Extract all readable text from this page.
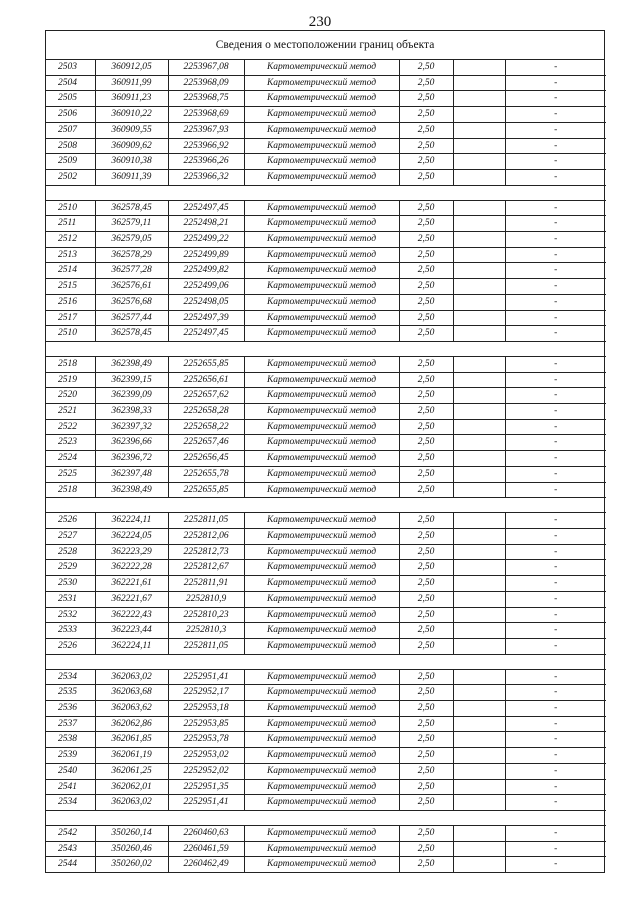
230
Сведения о местоположении границ объекта
2503	360912,05	2253967,08	Картометрический метод	2,50		-
2504	360911,99	2253968,09	Картометрический метод	2,50		-
2505	360911,23	2253968,75	Картометрический метод	2,50		-
2506	360910,22	2253968,69	Картометрический метод	2,50		-
2507	360909,55	2253967,93	Картометрический метод	2,50		-
2508	360909,62	2253966,92	Картометрический метод	2,50		-
2509	360910,38	2253966,26	Картометрический метод	2,50		-
2502	360911,39	2253966,32	Картометрический метод	2,50		-

2510	362578,45	2252497,45	Картометрический метод	2,50		-
2511	362579,11	2252498,21	Картометрический метод	2,50		-
2512	362579,05	2252499,22	Картометрический метод	2,50		-
2513	362578,29	2252499,89	Картометрический метод	2,50		-
2514	362577,28	2252499,82	Картометрический метод	2,50		-
2515	362576,61	2252499,06	Картометрический метод	2,50		-
2516	362576,68	2252498,05	Картометрический метод	2,50		-
2517	362577,44	2252497,39	Картометрический метод	2,50		-
2510	362578,45	2252497,45	Картометрический метод	2,50		-

2518	362398,49	2252655,85	Картометрический метод	2,50		-
2519	362399,15	2252656,61	Картометрический метод	2,50		-
2520	362399,09	2252657,62	Картометрический метод	2,50		-
2521	362398,33	2252658,28	Картометрический метод	2,50		-
2522	362397,32	2252658,22	Картометрический метод	2,50		-
2523	362396,66	2252657,46	Картометрический метод	2,50		-
2524	362396,72	2252656,45	Картометрический метод	2,50		-
2525	362397,48	2252655,78	Картометрический метод	2,50		-
2518	362398,49	2252655,85	Картометрический метод	2,50		-

2526	362224,11	2252811,05	Картометрический метод	2,50		-
2527	362224,05	2252812,06	Картометрический метод	2,50		-
2528	362223,29	2252812,73	Картометрический метод	2,50		-
2529	362222,28	2252812,67	Картометрический метод	2,50		-
2530	362221,61	2252811,91	Картометрический метод	2,50		-
2531	362221,67	2252810,9	Картометрический метод	2,50		-
2532	362222,43	2252810,23	Картометрический метод	2,50		-
2533	362223,44	2252810,3	Картометрический метод	2,50		-
2526	362224,11	2252811,05	Картометрический метод	2,50		-

2534	362063,02	2252951,41	Картометрический метод	2,50		-
2535	362063,68	2252952,17	Картометрический метод	2,50		-
2536	362063,62	2252953,18	Картометрический метод	2,50		-
2537	362062,86	2252953,85	Картометрический метод	2,50		-
2538	362061,85	2252953,78	Картометрический метод	2,50		-
2539	362061,19	2252953,02	Картометрический метод	2,50		-
2540	362061,25	2252952,02	Картометрический метод	2,50		-
2541	362062,01	2252951,35	Картометрический метод	2,50		-
2534	362063,02	2252951,41	Картометрический метод	2,50		-

2542	350260,14	2260460,63	Картометрический метод	2,50		-
2543	350260,46	2260461,59	Картометрический метод	2,50		-
2544	350260,02	2260462,49	Картометрический метод	2,50		-
